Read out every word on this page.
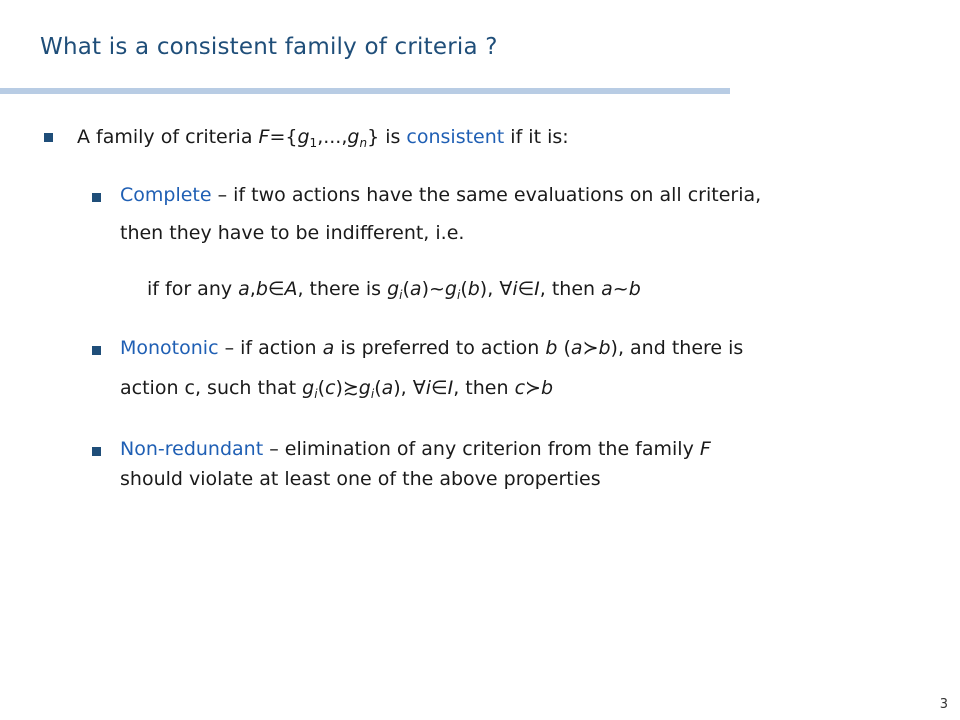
What is a consistent family of criteria ?
A family of criteria $F=\{g_1,...,g_n\}$ is consistent if it is:
Complete – if two actions have the same evaluations on all criteria,
then they have to be indifferent, i.e.
if for any a,b∈A, there is $g_i(a)\sim g_i(b)$, ∀i∈I, then a~b
Monotonic – if action a is preferred to action b (a≻b), and there is
action c, such that $g_i(c)≿g_i(a)$, ∀i∈I, then c≻b
Non-redundant – elimination of any criterion from the family F
should violate at least one of the above properties
3
